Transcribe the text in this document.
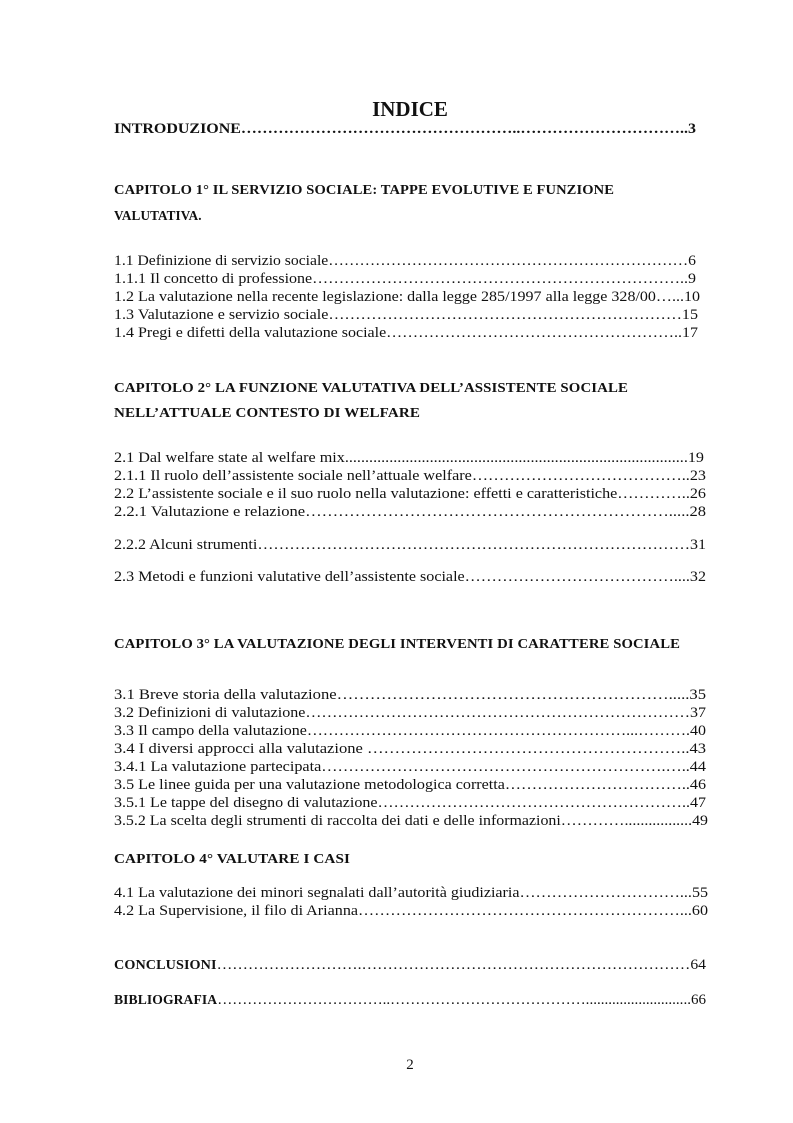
INDICE
INTRODUZIONE……………………………………………..…………………………..3
CAPITOLO 1° IL SERVIZIO SOCIALE: TAPPE EVOLUTIVE E FUNZIONE
VALUTATIVA.
1.1 Definizione di servizio sociale……………………………………………………………6
1.1.1 Il concetto di professione……………………………………………………………..9
1.2 La valutazione nella recente legislazione: dalla legge 285/1997 alla legge 328/00…...10
1.3 Valutazione e servizio sociale…………………………………………………………15
1.4 Pregi e difetti della valutazione sociale………………………………………………..17
CAPITOLO 2° LA FUNZIONE VALUTATIVA DELL’ASSISTENTE SOCIALE
NELL’ATTUALE CONTESTO DI WELFARE
2.1 Dal welfare state al welfare mix.....................................................................................19
2.1.1 Il ruolo dell’assistente sociale nell’attuale welfare…………………………………..23
2.2 L’assistente sociale e il suo ruolo nella valutazione: effetti e caratteristiche…………..26
2.2.1 Valutazione e relazione………………………………………………………….....28
2.2.2 Alcuni strumenti………………………………………………………………………31
2.3 Metodi e funzioni valutative dell’assistente sociale…………………………………....32
CAPITOLO 3° LA VALUTAZIONE DEGLI INTERVENTI DI CARATTERE SOCIALE
3.1 Breve storia della valutazione…………………………………………………….....35
3.2 Definizioni di valutazione………………………………………………………………37
3.3 Il campo della valutazione……………………………………………………...……….40
3.4 I diversi approcci alla valutazione …………………………………………………..43
3.4.1 La valutazione partecipata……………………………………………………….…..44
3.5 Le linee guida per una valutazione metodologica corretta……………………………..46
3.5.1 Le tappe del disegno di valutazione…………………………………………………..47
3.5.2 La scelta degli strumenti di raccolta dei dati e delle informazioni………….................49
CAPITOLO 4° VALUTARE I CASI
4.1 La valutazione dei minori segnalati dall’autorità giudiziaria…………………………...55
4.2 La Supervisione, il filo di Arianna……………………………………………………...60
CONCLUSIONI……………………….………………………………………………………64
BIBLIOGRAFIA……………………………..…………………………………............................66
2
